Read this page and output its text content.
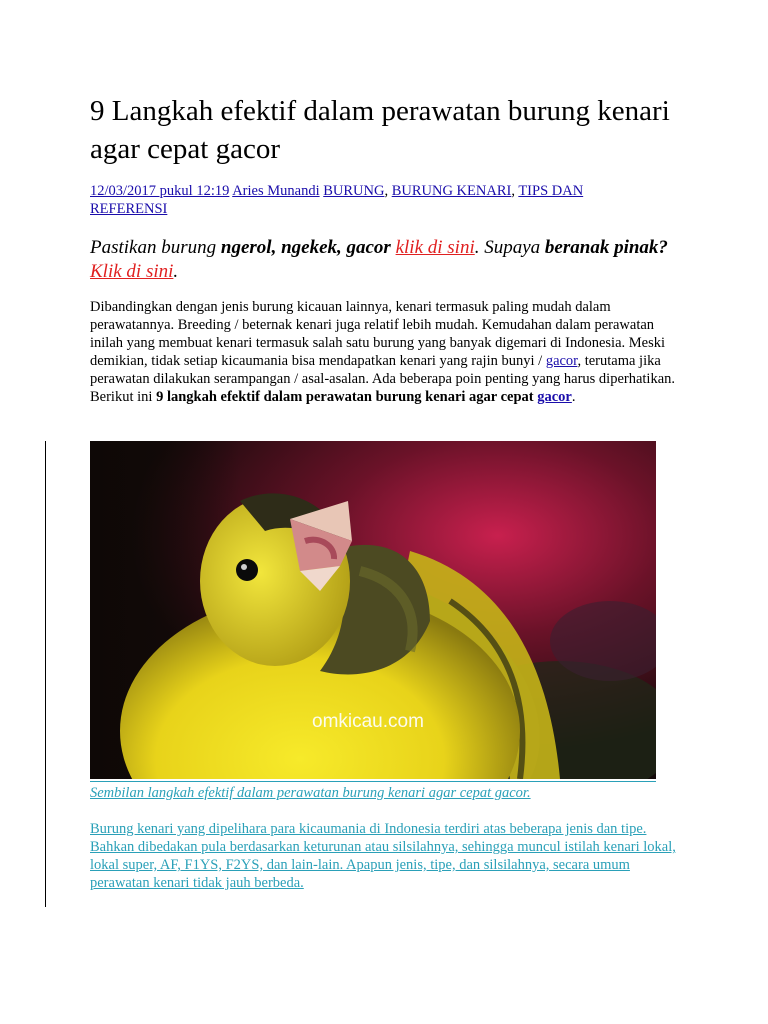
9 Langkah efektif dalam perawatan burung kenari agar cepat gacor
12/03/2017 pukul 12:19 Aries Munandi BURUNG, BURUNG KENARI, TIPS DAN REFERENSI
Pastikan burung ngerol, ngekek, gacor klik di sini. Supaya beranak pinak?
Klik di sini.

Dibandingkan dengan jenis burung kicauan lainnya, kenari termasuk paling mudah dalam perawatannya. Breeding / beternak kenari juga relatif lebih mudah. Kemudahan dalam perawatan inilah yang membuat kenari termasuk salah satu burung yang banyak digemari di Indonesia. Meski demikian, tidak setiap kicaumania bisa mendapatkan kenari yang rajin bunyi / gacor, terutama jika perawatan dilakukan serampangan / asal-asalan. Ada beberapa poin penting yang harus diperhatikan. Berikut ini 9 langkah efektif dalam perawatan burung kenari agar cepat gacor.

omkicau.com
Sembilan langkah efektif dalam perawatan burung kenari agar cepat gacor.
Burung kenari yang dipelihara para kicaumania di Indonesia terdiri atas beberapa jenis dan tipe. Bahkan dibedakan pula berdasarkan keturunan atau silsilahnya, sehingga muncul istilah kenari lokal, lokal super, AF, F1YS, F2YS, dan lain-lain. Apapun jenis, tipe, dan silsilahnya, secara umum perawatan kenari tidak jauh berbeda.
